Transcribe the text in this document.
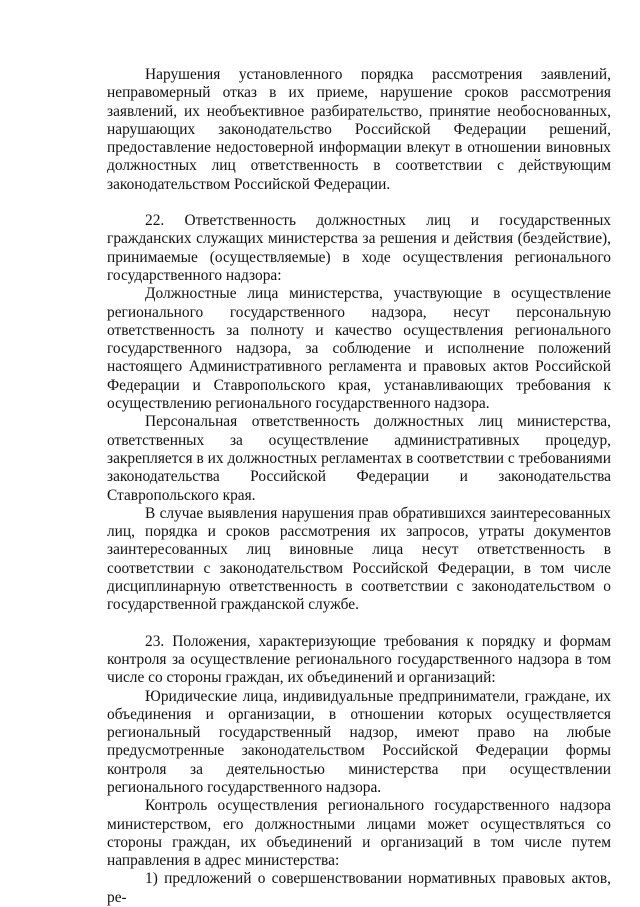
Нарушения установленного порядка рассмотрения заявлений, неправомерный отказ в их приеме, нарушение сроков рассмотрения заявлений, их необъективное разбирательство, принятие необоснованных, нарушающих законодательство Российской Федерации решений, предоставление недостоверной информации влекут в отношении виновных должностных лиц ответственность в соответствии с действующим законодательством Российской Федерации.

22. Ответственность должностных лиц и государственных гражданских служащих министерства за решения и действия (бездействие), принимаемые (осуществляемые) в ходе осуществления регионального государственного надзора:

Должностные лица министерства, участвующие в осуществление регионального государственного надзора, несут персональную ответственность за полноту и качество осуществления регионального государственного надзора, за соблюдение и исполнение положений настоящего Административного регламента и правовых актов Российской Федерации и Ставропольского края, устанавливающих требования к осуществлению регионального государственного надзора.

Персональная ответственность должностных лиц министерства, ответственных за осуществление административных процедур, закрепляется в их должностных регламентах в соответствии с требованиями законодательства Российской Федерации и законодательства Ставропольского края.

В случае выявления нарушения прав обратившихся заинтересованных лиц, порядка и сроков рассмотрения их запросов, утраты документов заинтересованных лиц виновные лица несут ответственность в соответствии с законодательством Российской Федерации, в том числе дисциплинарную ответственность в соответствии с законодательством о государственной гражданской службе.

23. Положения, характеризующие требования к порядку и формам контроля за осуществление регионального государственного надзора в том числе со стороны граждан, их объединений и организаций:

Юридические лица, индивидуальные предприниматели, граждане, их объединения и организации, в отношении которых осуществляется региональный государственный надзор, имеют право на любые предусмотренные законодательством Российской Федерации формы контроля за деятельностью министерства при осуществлении регионального государственного надзора.

Контроль осуществления регионального государственного надзора министерством, его должностными лицами может осуществляться со стороны граждан, их объединений и организаций в том числе путем направления в адрес министерства:

1) предложений о совершенствовании нормативных правовых актов, ре-
